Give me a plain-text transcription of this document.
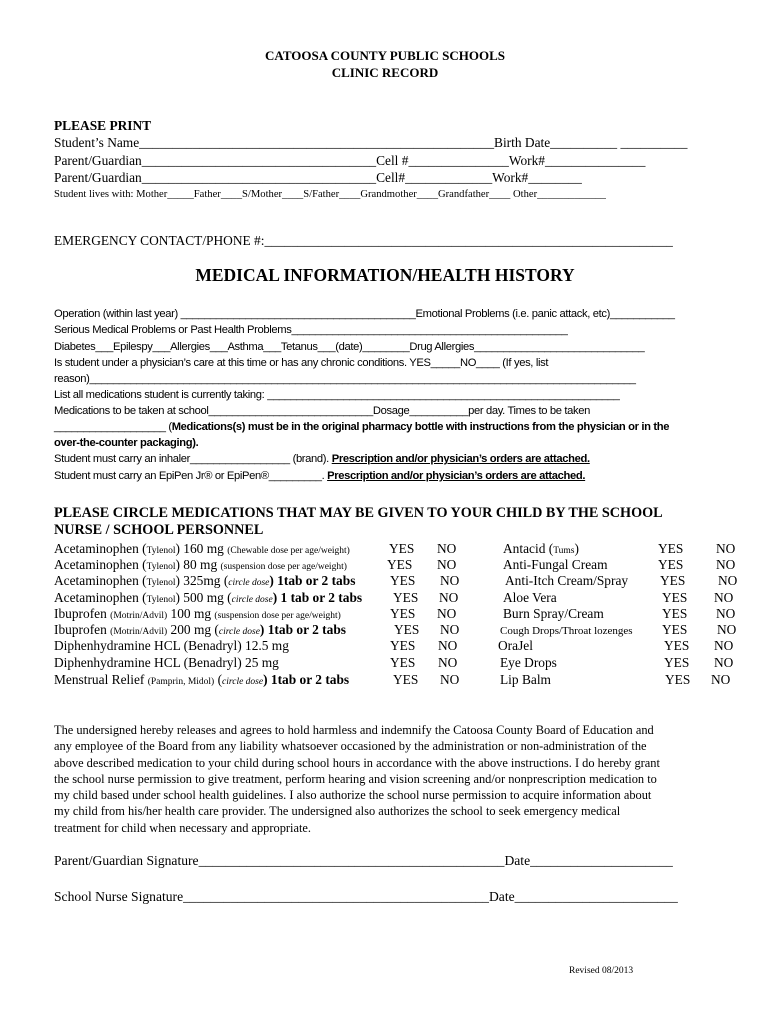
CATOOSA COUNTY PUBLIC SCHOOLS
CLINIC RECORD
PLEASE PRINT
Student’s Name_____________________________________________________Birth Date__________ __________
Parent/Guardian___________________________________Cell #_______________Work#_______________
Parent/Guardian___________________________________Cell#_____________Work#________
Student lives with: Mother_____Father____S/Mother____S/Father____Grandmother____Grandfather____ Other_____________
EMERGENCY CONTACT/PHONE #:_____________________________________________________________
MEDICAL INFORMATION/HEALTH HISTORY
Operation (within last year) ________________________________________Emotional Problems (i.e. panic attack, etc)___________
Serious Medical Problems or Past Health Problems_______________________________________________
Diabetes___Epilespy___Allergies___Asthma___Tetanus___(date)________Drug Allergies_____________________________
Is student under a physician’s care at this time or has any chronic conditions. YES_____NO____ (If yes, list
reason)_____________________________________________________________________________________________
List all medications student is currently taking: ____________________________________________________________
Medications to be taken at school____________________________Dosage__________per day. Times to be taken
___________________ (Medications(s) must be in the original pharmacy bottle with instructions from the physician or in the
over-the-counter packaging).
Student must carry an inhaler_________________ (brand). Prescription and/or physician’s orders are attached.
Student must carry an EpiPen Jr® or EpiPen®_________. Prescription and/or physician’s orders are attached.
PLEASE CIRCLE MEDICATIONS THAT MAY BE GIVEN TO YOUR CHILD BY THE SCHOOL
NURSE / SCHOOL PERSONNEL
Acetaminophen (Tylenol) 160 mg (Chewable dose per age/weight)	YES NO
Acetaminophen (Tylenol) 80 mg (suspension dose per age/weight)	YES NO
Acetaminophen (Tylenol) 325mg (circle dose) 1tab or 2 tabs	YES NO
Acetaminophen (Tylenol) 500 mg (circle dose) 1 tab or 2 tabs YES NO
Ibuprofen (Motrin/Advil) 100 mg (suspension dose per age/weight)	YES NO
Ibuprofen (Motrin/Advil) 200 mg (circle dose) 1tab or 2 tabs	YES NO
Diphenhydramine HCL (Benadryl) 12.5 mg	YES NO
Diphenhydramine HCL (Benadryl) 25 mg	YES NO
Menstrual Relief (Pamprin, Midol) (circle dose) 1tab or 2 tabs	YES NO
Antacid (Tums)	YES NO
Anti-Fungal Cream	YES NO
Anti-Itch Cream/Spray YES NO
Aloe Vera	YES NO
Burn Spray/Cream	YES NO
Cough Drops/Throat lozenges YES NO
OraJel	YES NO
Eye Drops	YES NO
Lip Balm	YES NO

The undersigned hereby releases and agrees to hold harmless and indemnify the Catoosa County Board of Education and

any employee of the Board from any liability whatsoever occasioned by the administration or non-administration of the

above described medication to your child during school hours in accordance with the above instructions. I do hereby grant

the school nurse permission to give treatment, perform hearing and vision screening and/or nonprescription medication to

my child based under school health guidelines. I also authorize the school nurse permission to acquire information about

my child from his/her health care provider. The undersigned also authorizes the school to seek emergency medical

treatment for child when necessary and appropriate.

Parent/Guardian Signature_____________________________________________Date_____________________
School Nurse Signature_____________________________________________Date________________________
Revised 08/2013
